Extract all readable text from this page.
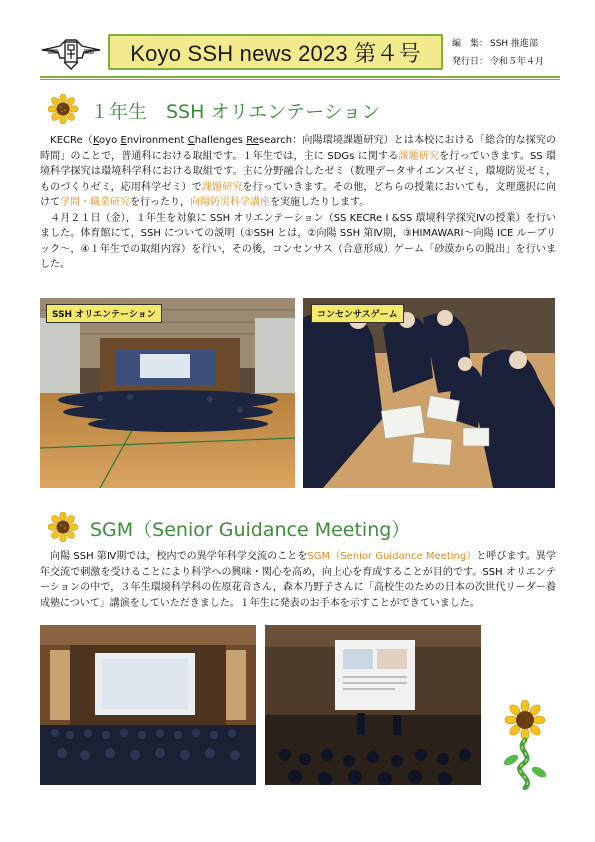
Koyo SSH news 2023 第４号	編　集： SSH 推進部
発行日： 令和５年４月
１年生　SSH オリエンテーション

　KECRe（Koyo Environment Challenges Research：向陽環境課題研究）とは本校における「総合的な探究の時間」のことで，普通科における取組です。１年生では，主に SDGs に関する課題研究を行っていきます。SS 環境科学探究は環境科学科における取組です。主に分野融合したゼミ（数理データサイエンスゼミ，環境防災ゼミ，ものづくりゼミ，応用科学ゼミ）で課題研究を行っていきます。その他，どちらの授業においても，文理選択に向けて学問・職業研究を行ったり，向陽防災科学講座を実施したりします。

　４月２１日（金），１年生を対象に SSH オリエンテーション（SS KECRe Ⅰ &SS 環境科学探究Ⅳの授業）を行いました。体育館にて，SSH についての説明（①SSH とは，②向陽 SSH 第Ⅳ期，③HIMAWARI～向陽 ICE ルーブリック～，④１年生での取組内容）を行い，その後，コンセンサス（合意形成）ゲーム「砂漠からの脱出」を行いました。

SSH オリエンテーション	コンセンサスゲーム
SGM（Senior Guidance Meeting）

　向陽 SSH 第Ⅳ期では，校内での異学年科学交流のことをSGM（Senior Guidance Meeting）と呼びます。異学年交流で刺激を受けることにより科学への興味・関心を高め，向上心を育成することが目的です。SSH オリエンテーションの中で，３年生環境科学科の佐原花音さん，森本乃野子さんに「高校生のための日本の次世代リーダー養成塾について」講演をしていただきました。１年生に発表のお手本を示すことができていました。
